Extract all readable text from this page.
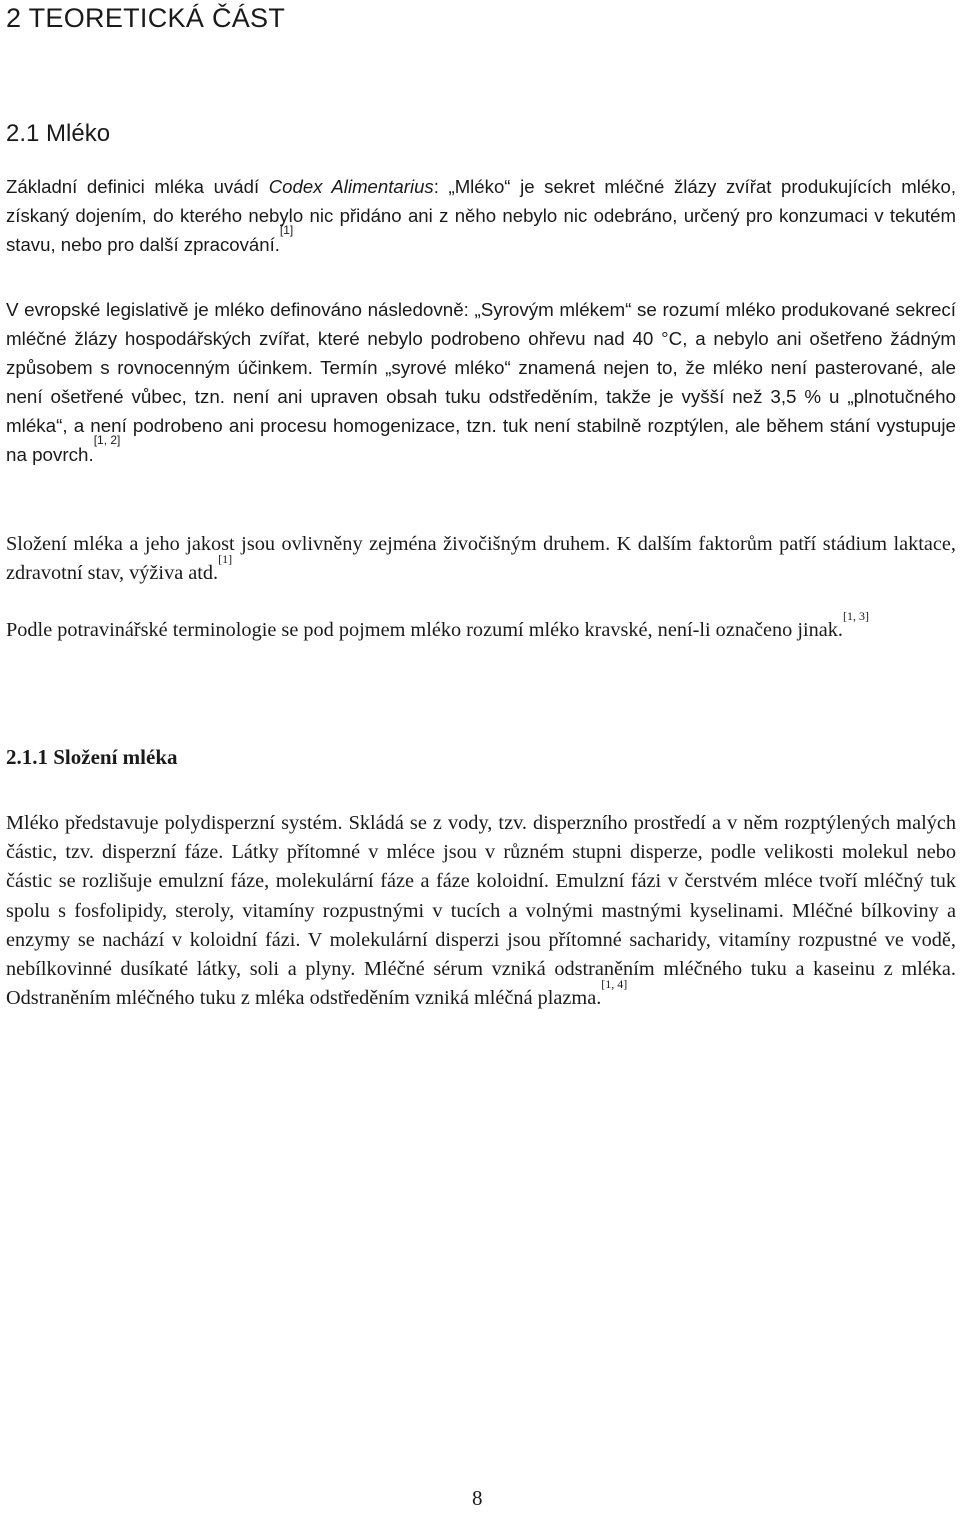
2 TEORETICKÁ ČÁST
2.1 Mléko

Základní definici mléka uvádí Codex Alimentarius: „Mléko“ je sekret mléčné žlázy zvířat produkujících mléko, získaný dojením, do kterého nebylo nic přidáno ani z něho nebylo nic odebráno, určený pro konzumaci v tekutém stavu, nebo pro další zpracování.[1]

V evropské legislativě je mléko definováno následovně: „Syrovým mlékem“ se rozumí mléko produkované sekrecí mléčné žlázy hospodářských zvířat, které nebylo podrobeno ohřevu nad 40 °C, a nebylo ani ošetřeno žádným způsobem s rovnocenným účinkem. Termín „syrové mléko“ znamená nejen to, že mléko není pasterované, ale není ošetřené vůbec, tzn. není ani upraven obsah tuku odstředěním, takže je vyšší než 3,5 % u „plnotučného mléka“, a není podrobeno ani procesu homogenizace, tzn. tuk není stabilně rozptýlen, ale během stání vystupuje na povrch.[1, 2]

Složení mléka a jeho jakost jsou ovlivněny zejména živočišným druhem. K dalším faktorům patří stádium laktace, zdravotní stav, výživa atd.[1]

Podle potravinářské terminologie se pod pojmem mléko rozumí mléko kravské, není-li označeno jinak.[1, 3]

2.1.1 Složení mléka

Mléko představuje polydisperzní systém. Skládá se z vody, tzv. disperzního prostředí a v něm rozptýlených malých částic, tzv. disperzní fáze. Látky přítomné v mléce jsou v různém stupni disperze, podle velikosti molekul nebo částic se rozlišuje emulzní fáze, molekulární fáze a fáze koloidní. Emulzní fázi v čerstvém mléce tvoří mléčný tuk spolu s fosfolipidy, steroly, vitamíny rozpustnými v tucích a volnými mastnými kyselinami. Mléčné bílkoviny a enzymy se nachází v koloidní fázi. V molekulární disperzi jsou přítomné sacharidy, vitamíny rozpustné ve vodě, nebílkovinné dusíkaté látky, soli a plyny. Mléčné sérum vzniká odstraněním mléčného tuku a kaseinu z mléka. Odstraněním mléčného tuku z mléka odstředěním vzniká mléčná plazma.[1, 4]

8
